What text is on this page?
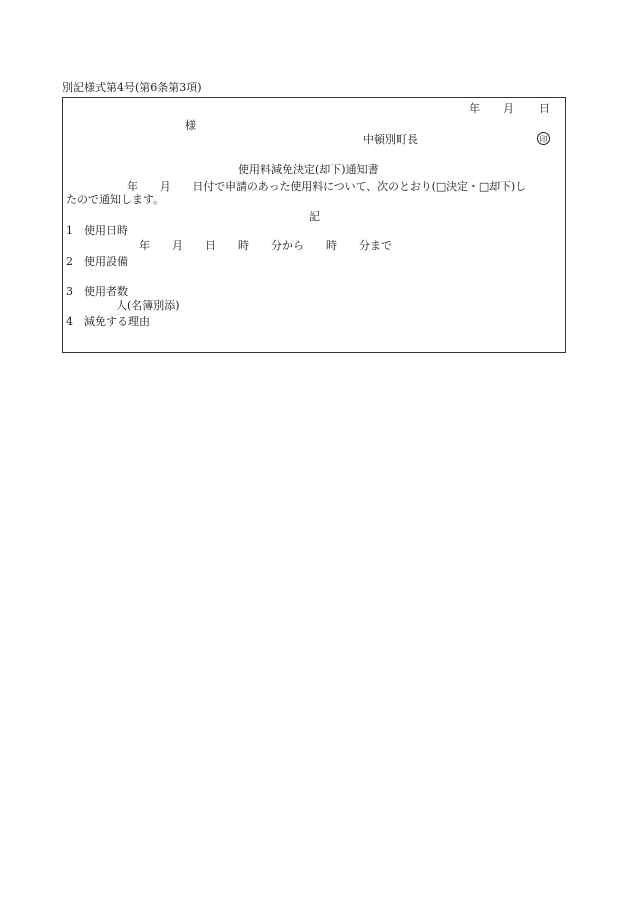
別記様式第4号(第6条第3項)
年 月 日
様
中頓別町長	印
使用料減免決定(却下)通知書
年　　月　　日付で申請のあった使用料について、次のとおり(□決定・□却下)し
たので通知します。
記
1　使用日時
年　　月　　日　　時　　分から　　時　　分まで
2　使用設備
3　使用者数
人(名簿別添)
4　減免する理由
